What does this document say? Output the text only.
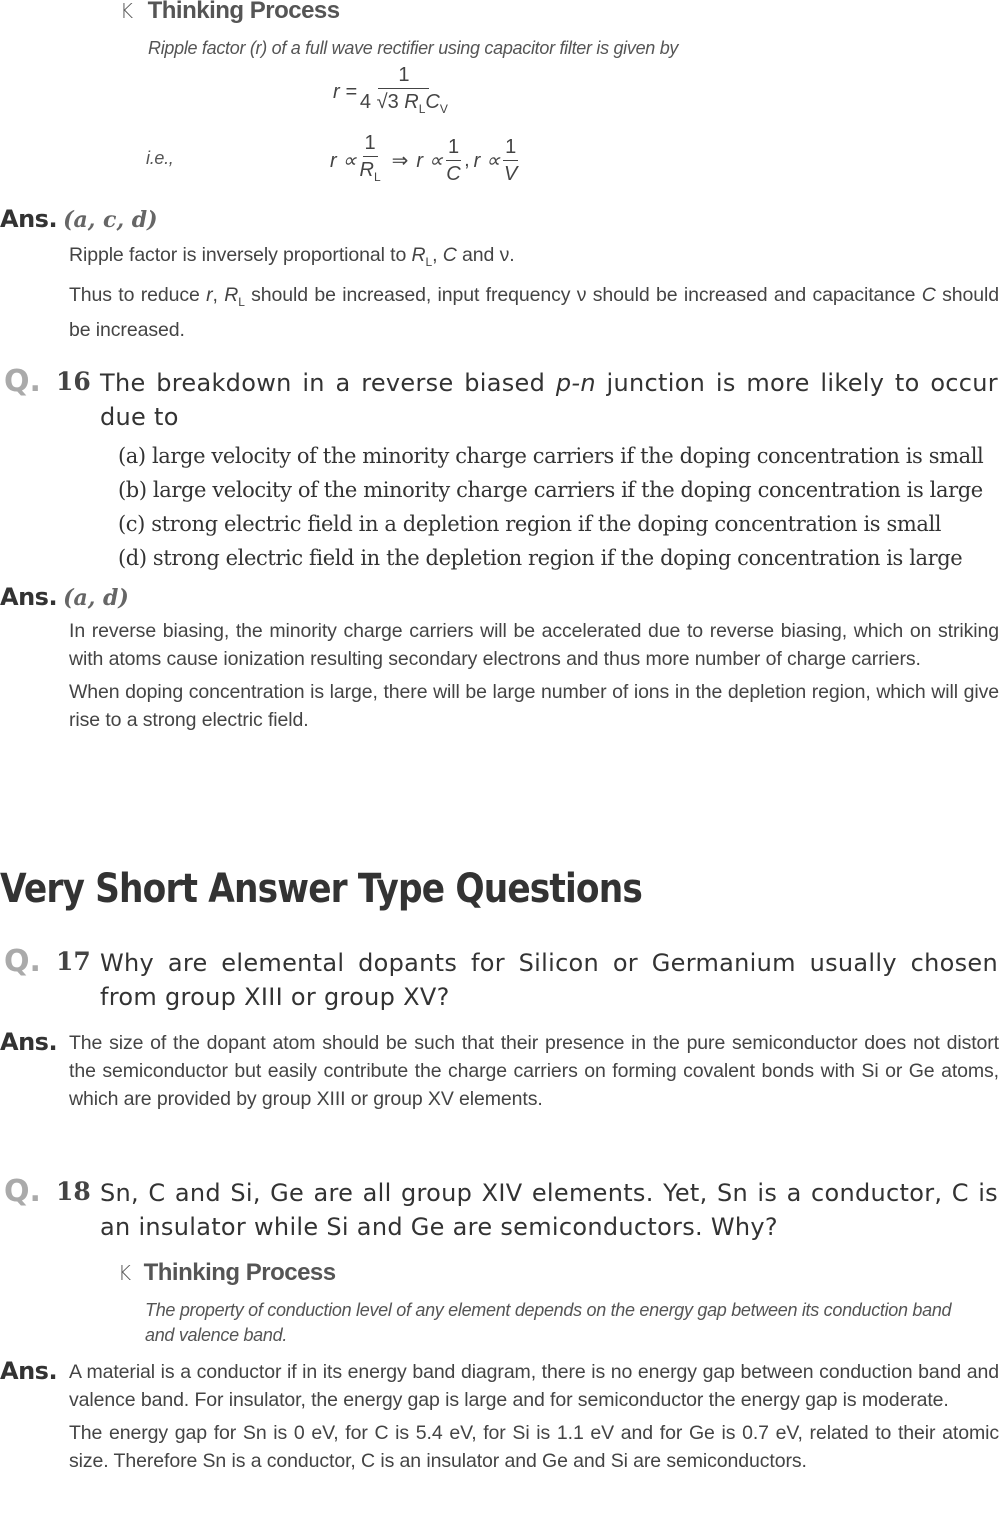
K Thinking Process
Ripple factor (r) of a full wave rectifier using capacitor filter is given by
$r = \frac{1}{4 √3 R_LC_V}$
i.e.,	$r \propto \frac{1}{R_L}$ ⇒ $r \propto \frac{1}{C}$ , $r \propto \frac{1}{V}$
Ans. (a, c, d)

Ripple factor is inversely proportional to $R_L$, C and ν.

Thus to reduce r, $R_L$ should be increased, input frequency ν should be increased and capacitance C should be increased.

Q. 16 The breakdown in a reverse biased p-n junction is more likely to occur due to
(a) large velocity of the minority charge carriers if the doping concentration is small
(b) large velocity of the minority charge carriers if the doping concentration is large
(c) strong electric field in a depletion region if the doping concentration is small
(d) strong electric field in the depletion region if the doping concentration is large
Ans. (a, d)

In reverse biasing, the minority charge carriers will be accelerated due to reverse biasing, which on striking with atoms cause ionization resulting secondary electrons and thus more number of charge carriers.

When doping concentration is large, there will be large number of ions in the depletion region, which will give rise to a strong electric field.

Very Short Answer Type Questions
Q. 17 Why are elemental dopants for Silicon or Germanium usually chosen from group XIII or group XV?
Ans. The size of the dopant atom should be such that their presence in the pure semiconductor does not distort the semiconductor but easily contribute the charge carriers on forming covalent bonds with Si or Ge atoms, which are provided by group XIII or group XV elements.

Q. 18 Sn, C and Si, Ge are all group XIV elements. Yet, Sn is a conductor, C is an insulator while Si and Ge are semiconductors. Why?
K Thinking Process
The property of conduction level of any element depends on the energy gap between its conduction band and valence band.
Ans. A material is a conductor if in its energy band diagram, there is no energy gap between conduction band and valence band. For insulator, the energy gap is large and for semiconductor the energy gap is moderate.

The energy gap for Sn is 0 eV, for C is 5.4 eV, for Si is 1.1 eV and for Ge is 0.7 eV, related to their atomic size. Therefore Sn is a conductor, C is an insulator and Ge and Si are semiconductors.
